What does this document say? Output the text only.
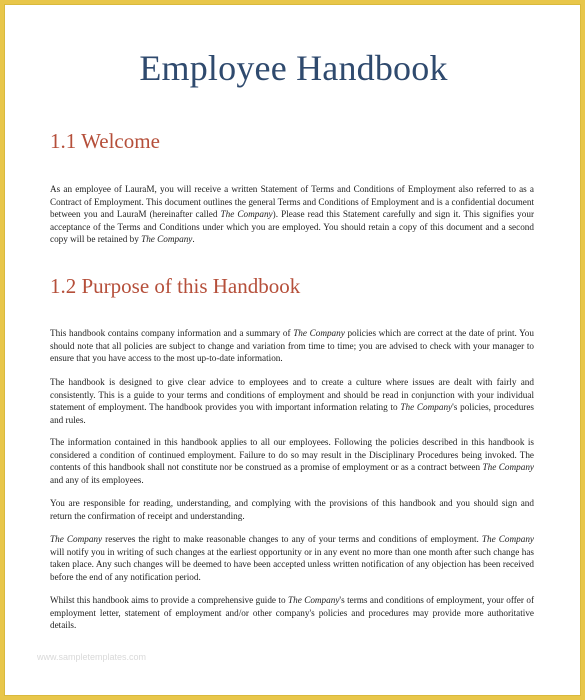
Employee Handbook
1.1 Welcome

As an employee of LauraM, you will receive a written Statement of Terms and Conditions of Employment also referred to as a Contract of Employment. This document outlines the general Terms and Conditions of Employment and is a confidential document between you and LauraM (hereinafter called The Company). Please read this Statement carefully and sign it. This signifies your acceptance of the Terms and Conditions under which you are employed. You should retain a copy of this document and a second copy will be retained by The Company.

1.2 Purpose of this Handbook

This handbook contains company information and a summary of The Company policies which are correct at the date of print. You should note that all policies are subject to change and variation from time to time; you are advised to check with your manager to ensure that you have access to the most up-to-date information.

The handbook is designed to give clear advice to employees and to create a culture where issues are dealt with fairly and consistently. This is a guide to your terms and conditions of employment and should be read in conjunction with your individual statement of employment. The handbook provides you with important information relating to The Company's policies, procedures and rules.

The information contained in this handbook applies to all our employees. Following the policies described in this handbook is considered a condition of continued employment. Failure to do so may result in the Disciplinary Procedures being invoked. The contents of this handbook shall not constitute nor be construed as a promise of employment or as a contract between The Company and any of its employees.

You are responsible for reading, understanding, and complying with the provisions of this handbook and you should sign and return the confirmation of receipt and understanding.

The Company reserves the right to make reasonable changes to any of your terms and conditions of employment. The Company will notify you in writing of such changes at the earliest opportunity or in any event no more than one month after such change has taken place. Any such changes will be deemed to have been accepted unless written notification of any objection has been received before the end of any notification period.

Whilst this handbook aims to provide a comprehensive guide to The Company's terms and conditions of employment, your offer of employment letter, statement of employment and/or other company's policies and procedures may provide more authoritative details.

www.sampletemplates.com
